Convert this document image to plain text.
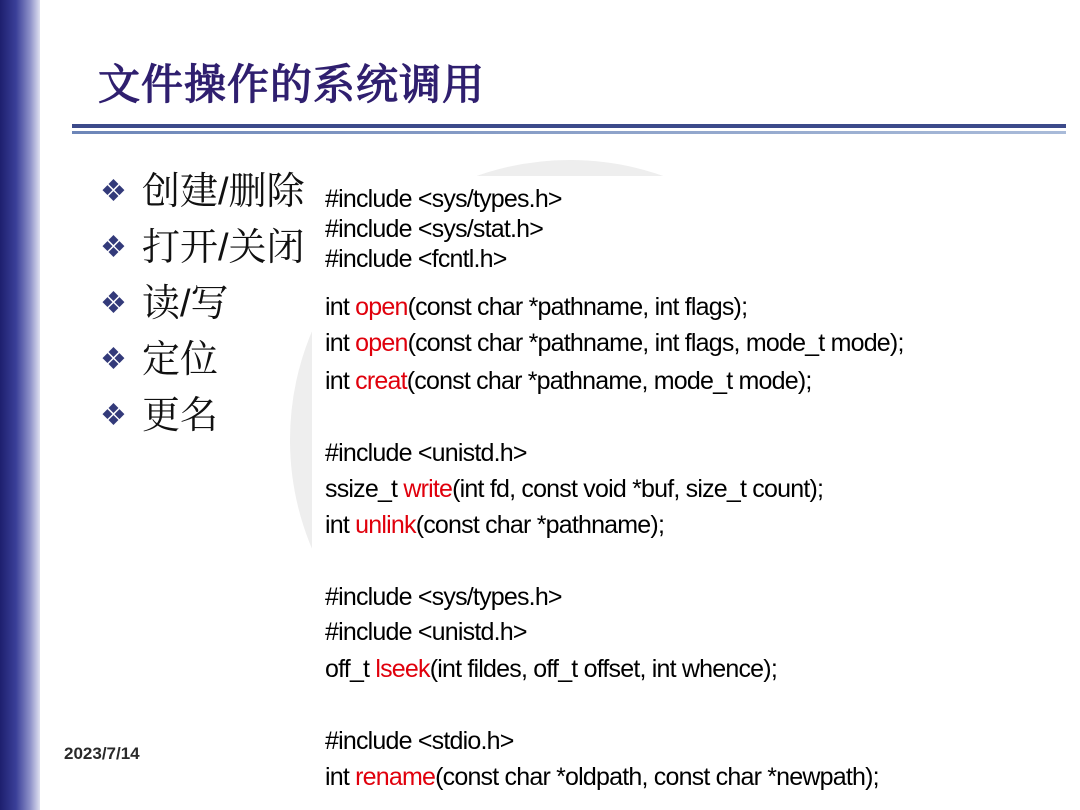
文件操作的系统调用
❖ 创建/删除
❖ 打开/关闭
❖ 读/写
❖ 定位
❖ 更名
#include <sys/types.h>
#include <sys/stat.h>
#include <fcntl.h>
int open(const char *pathname, int flags);
int open(const char *pathname, int flags, mode_t mode);
int creat(const char *pathname, mode_t mode);
#include <unistd.h>
ssize_t write(int fd, const void *buf, size_t count);
int unlink(const char *pathname);
#include <sys/types.h>
#include <unistd.h>
off_t lseek(int fildes, off_t offset, int whence);
#include <stdio.h>
int rename(const char *oldpath, const char *newpath);
2023/7/14
